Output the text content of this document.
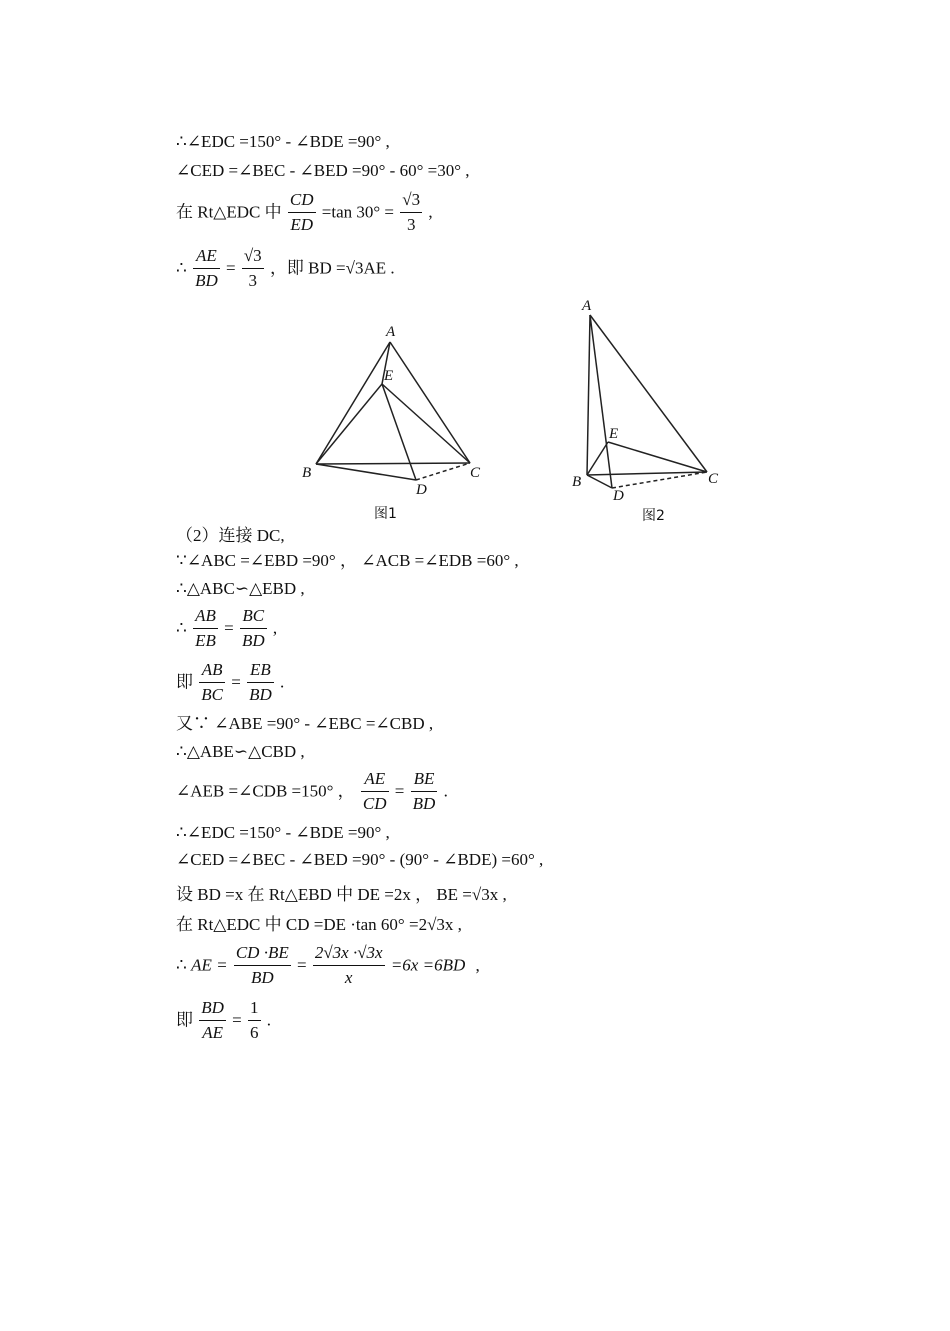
∴∠EDC =150° - ∠BDE =90° ,
∠CED =∠BEC - ∠BED =90° - 60° =30° ,
在 Rt△EDC 中 $\frac{CD}{ED} =\tan$ $30^\circ = \frac{√3}{3}$ ,
∴ $\frac{AE}{BD} = \frac{√3}{3}$ ，即 BD =√3AE .
A
E
B	C
D
A
E
B	C
D
图1	图2
（2）连接 DC,
∵∠ABC =∠EBD =90° ， ∠ACB =∠EDB =60° ,
∴△ABC∽△EBD ,
∴ $\frac{AB}{EB} = \frac{BC}{BD}$ ,
即 $\frac{AB}{BC} = \frac{EB}{BD}$ .
又∵ ∠ABE =90° - ∠EBC =∠CBD ,
∴△ABE∽△CBD ,
∠AEB =∠CDB =150° ， $\frac{AE}{CD} = \frac{BE}{BD}$ .
∴∠EDC =150° - ∠BDE =90° ,
∠CED =∠BEC - ∠BED =90° - (90° - ∠BDE) =60° ,
设 BD =x 在 Rt△EBD 中 DE =2x ， BE =√3x ,
在 Rt△EDC 中 CD =DE ·tan 60° =2√3x ,
∴ AE = $\frac{CD \cdot BE}{BD} = \frac{2√3x \cdot√3x}{x} =6x =6BD$ ,
即 $\frac{BD}{AE} = \frac{1}{6}$ .
